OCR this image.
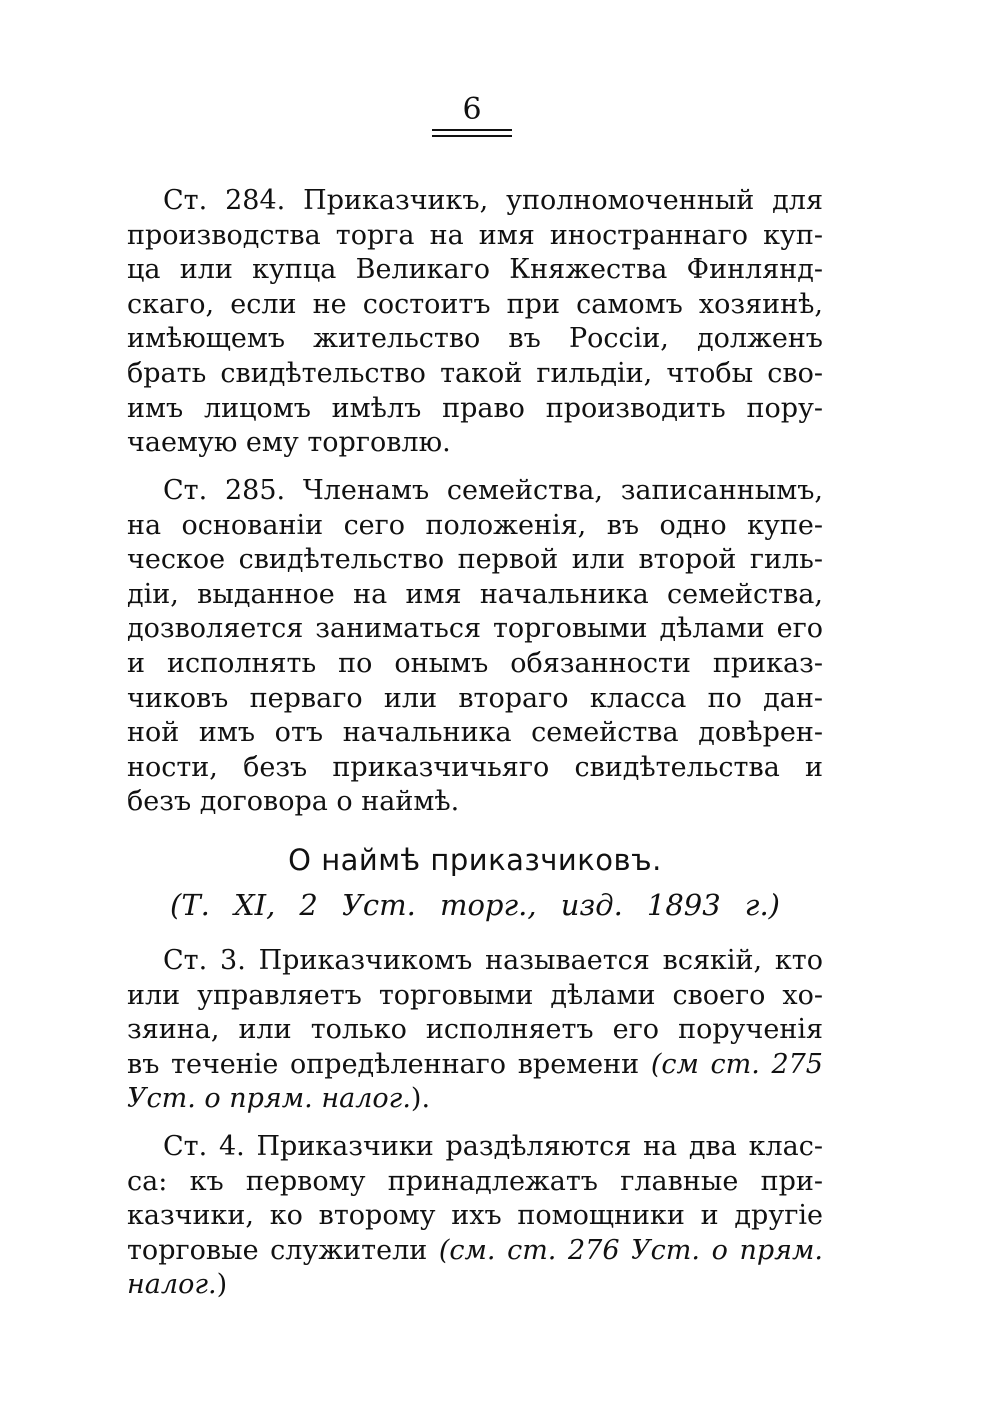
6
Ст. 284. Приказчикъ, уполномоченный для
производства торга на имя иностраннаго куп-
ца или купца Великаго Княжества Финлянд-
скаго, если не состоитъ при самомъ хозяинѣ,
имѣющемъ жительство въ Россіи, долженъ
брать свидѣтельство такой гильдіи, чтобы сво-
имъ лицомъ имѣлъ право производить пору-
чаемую ему торговлю.
Ст. 285. Членамъ семейства, записаннымъ,
на основаніи сего положенія, въ одно купе-
ческое свидѣтельство первой или второй гиль-
діи, выданное на имя начальника семейства,
дозволяется заниматься торговыми дѣлами его
и исполнять по онымъ обязанности приказ-
чиковъ перваго или втораго класса по дан-
ной имъ отъ начальника семейства довѣрен-
ности, безъ приказчичьяго свидѣтельства и
безъ договора о наймѣ.
О наймѣ приказчиковъ.
(Т. XI, 2 Уст. торг., изд. 1893 г.)
Ст. 3. Приказчикомъ называется всякій, кто
или управляетъ торговыми дѣлами своего хо-
зяина, или только исполняетъ его порученія
въ теченіе опредѣленнаго времени (см ст. 275
Уст. о прям. налог.).
Ст. 4. Приказчики раздѣляются на два клас-
са: къ первому принадлежатъ главные при-
казчики, ко второму ихъ помощники и другіе
торговые служители (см. ст. 276 Уст. о прям.
налог.)
